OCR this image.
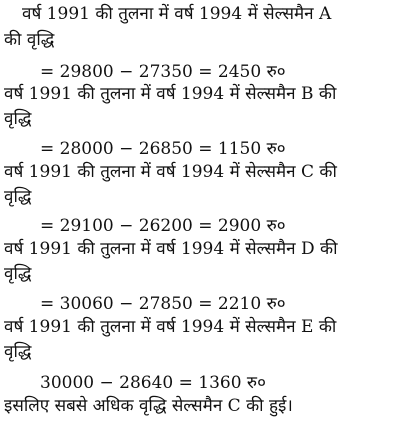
वर्ष 1991 की तुलना में वर्ष 1994 में सेल्समैन A
की वृद्धि
= 29800 − 27350 = 2450 रु०
वर्ष 1991 की तुलना में वर्ष 1994 में सेल्समैन B की
वृद्धि
= 28000 − 26850 = 1150 रु०
वर्ष 1991 की तुलना में वर्ष 1994 में सेल्समैन C की
वृद्धि
= 29100 − 26200 = 2900 रु०
वर्ष 1991 की तुलना में वर्ष 1994 में सेल्समैन D की
वृद्धि
= 30060 − 27850 = 2210 रु०
वर्ष 1991 की तुलना में वर्ष 1994 में सेल्समैन E की
वृद्धि
30000 − 28640 = 1360 रु०
इसलिए सबसे अधिक वृद्धि सेल्समैन C की हुई।
